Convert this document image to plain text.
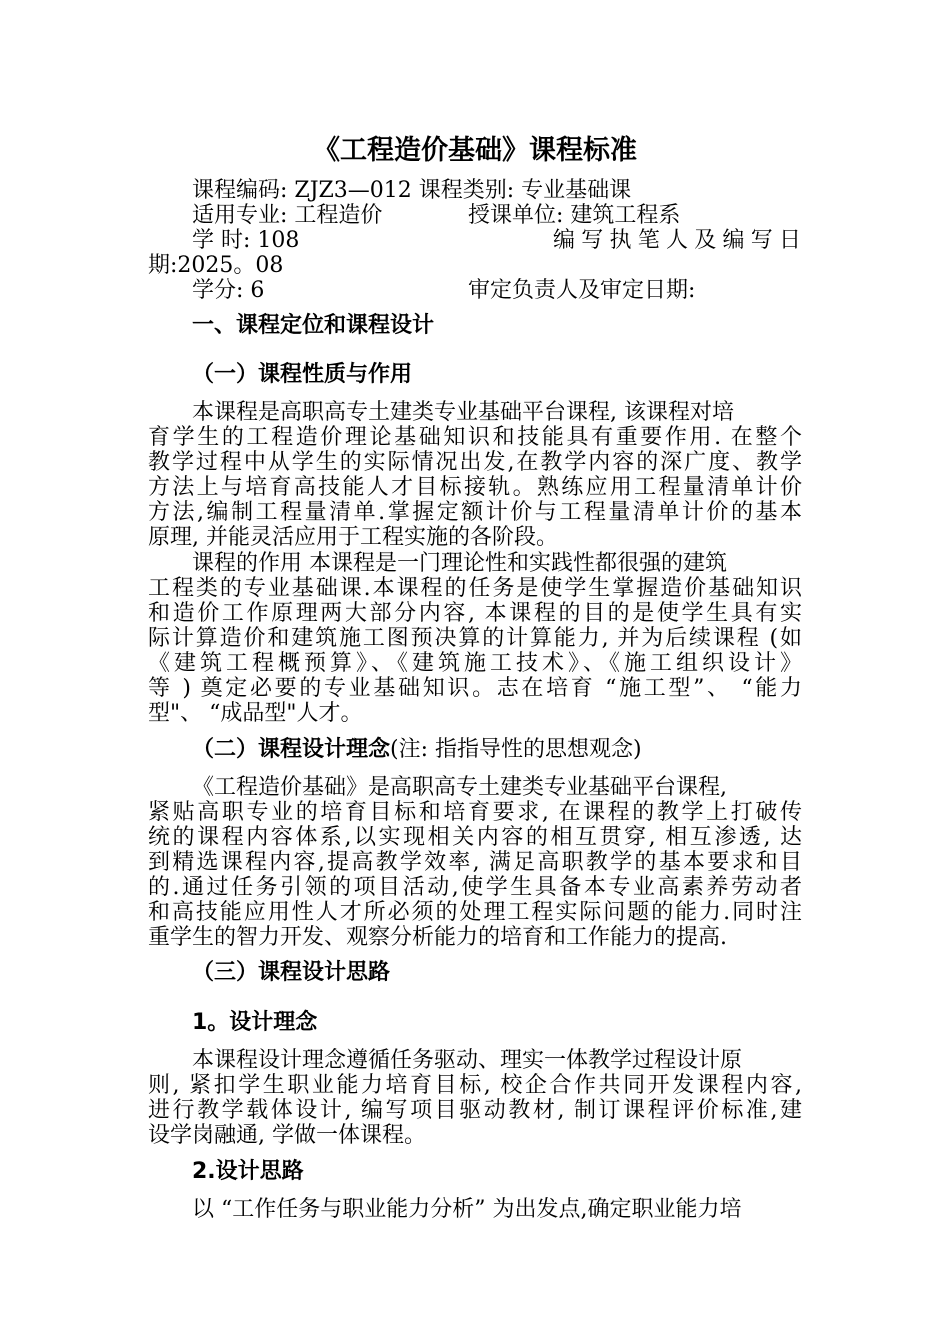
《工程造价基础》课程标准
课程编码: ZJZ3—012 课程类别: 专业基础课
适用专业: 工程造价	授课单位: 建筑工程系
学 时: 108	编写执笔人及编写日
期:2025。08
学分: 6	审定负责人及审定日期:
一、课程定位和课程设计
（一）课程性质与作用
本课程是高职高专土建类专业基础平台课程, 该课程对培
育学生的工程造价理论基础知识和技能具有重要作用. 在整个
教学过程中从学生的实际情况出发,在教学内容的深广度、教学
方法上与培育高技能人才目标接轨。熟练应用工程量清单计价
方法,编制工程量清单.掌握定额计价与工程量清单计价的基本
原理, 并能灵活应用于工程实施的各阶段。
课程的作用 本课程是一门理论性和实践性都很强的建筑
工程类的专业基础课.本课程的任务是使学生掌握造价基础知识
和造价工作原理两大部分内容, 本课程的目的是使学生具有实
际计算造价和建筑施工图预决算的计算能力, 并为后续课程 (如
《建筑工程概预算》、《建筑施工技术》、《施工组织设计》
等 ) 奠定必要的专业基础知识。志在培育 “施工型”、 “能力
型"、 “成品型"人才。
（二）课程设计理念(注: 指指导性的思想观念)
《工程造价基础》是高职高专土建类专业基础平台课程,
紧贴高职专业的培育目标和培育要求, 在课程的教学上打破传
统的课程内容体系,以实现相关内容的相互贯穿, 相互渗透, 达
到精选课程内容,提高教学效率, 满足高职教学的基本要求和目
的.通过任务引领的项目活动,使学生具备本专业高素养劳动者
和高技能应用性人才所必须的处理工程实际问题的能力.同时注
重学生的智力开发、观察分析能力的培育和工作能力的提高.
（三）课程设计思路
1。设计理念
本课程设计理念遵循任务驱动、理实一体教学过程设计原
则, 紧扣学生职业能力培育目标, 校企合作共同开发课程内容,
进行教学载体设计, 编写项目驱动教材, 制订课程评价标准,建
设学岗融通, 学做一体课程。
2.设计思路
以 “工作任务与职业能力分析” 为出发点,确定职业能力培
